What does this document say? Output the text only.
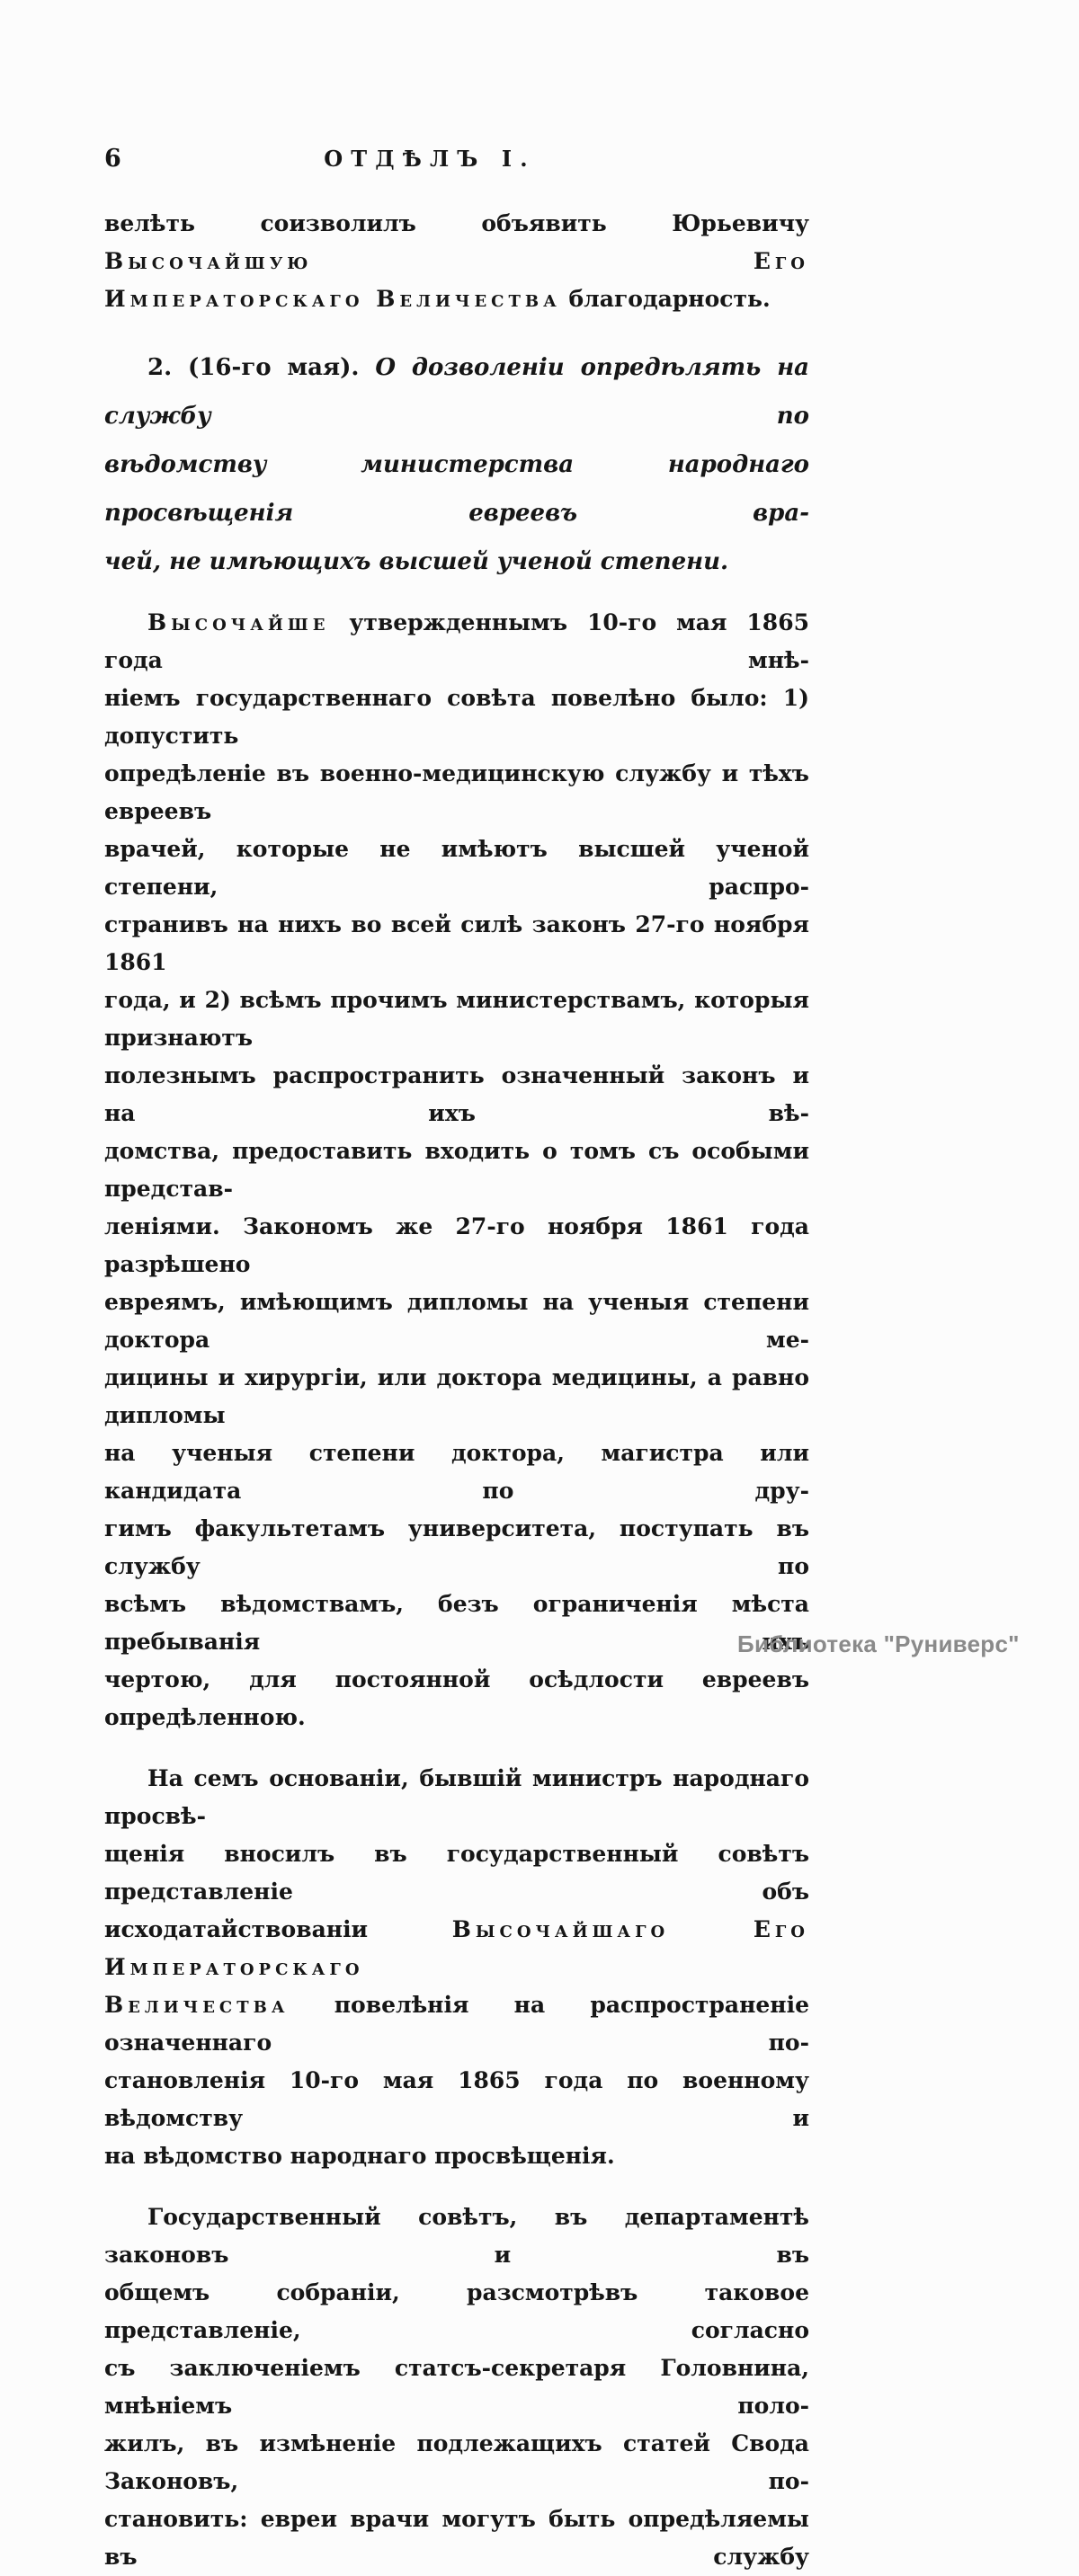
6	ОТДѢЛЪ I.
велѣть соизволилъ объявить Юрьевичу Высочайшую	Его
Императорскаго Величества благодарность.
2. (16-го мая). О дозволеніи опредѣлять на службу по
вѣдомству министерства народнаго просвѣщенія евреевъ вра-
чей, не имѣющихъ высшей ученой степени.
Высочайше утвержденнымъ 10-го мая 1865 года мнѣ-
ніемъ государственнаго совѣта повелѣно было: 1) допустить
опредѣленіе въ военно-медицинскую службу и тѣхъ евреевъ
врачей, которые не имѣютъ высшей ученой степени, распро-
странивъ на нихъ во всей силѣ законъ 27-го ноября 1861
года, и 2) всѣмъ прочимъ министерствамъ, которыя признаютъ
полезнымъ распространить означенный законъ и на ихъ вѣ-
домства, предоставить входить о томъ съ особыми представ-
леніями. Закономъ же 27-го ноября 1861 года разрѣшено
евреямъ, имѣющимъ дипломы на ученыя степени доктора ме-
дицины и хирургіи, или доктора медицины, а равно дипломы
на ученыя степени доктора, магистра или кандидата по дру-
гимъ факультетамъ университета, поступать въ службу по
всѣмъ вѣдомствамъ, безъ ограниченія мѣста пребыванія ихъ
чертою, для постоянной осѣдлости евреевъ опредѣленною.
На семъ основаніи, бывшій министръ народнаго просвѣ-
щенія вносилъ въ государственный совѣтъ представленіе объ
исходатайствованіи Высочайшаго	Его Императорскаго
Величества повелѣнія на распространеніе означеннаго по-
становленія 10-го мая 1865 года по военному вѣдомству и
на вѣдомство народнаго просвѣщенія.
Государственный совѣтъ, въ департаментѣ законовъ и въ
общемъ собраніи, разсмотрѣвъ таковое представленіе, согласно
съ заключеніемъ статсъ-секретаря Головнина, мнѣніемъ поло-
жилъ, въ измѣненіе подлежащихъ статей Свода Законовъ, по-
становить: евреи врачи могутъ быть опредѣляемы въ службу
Библиотека "Руниверс"
